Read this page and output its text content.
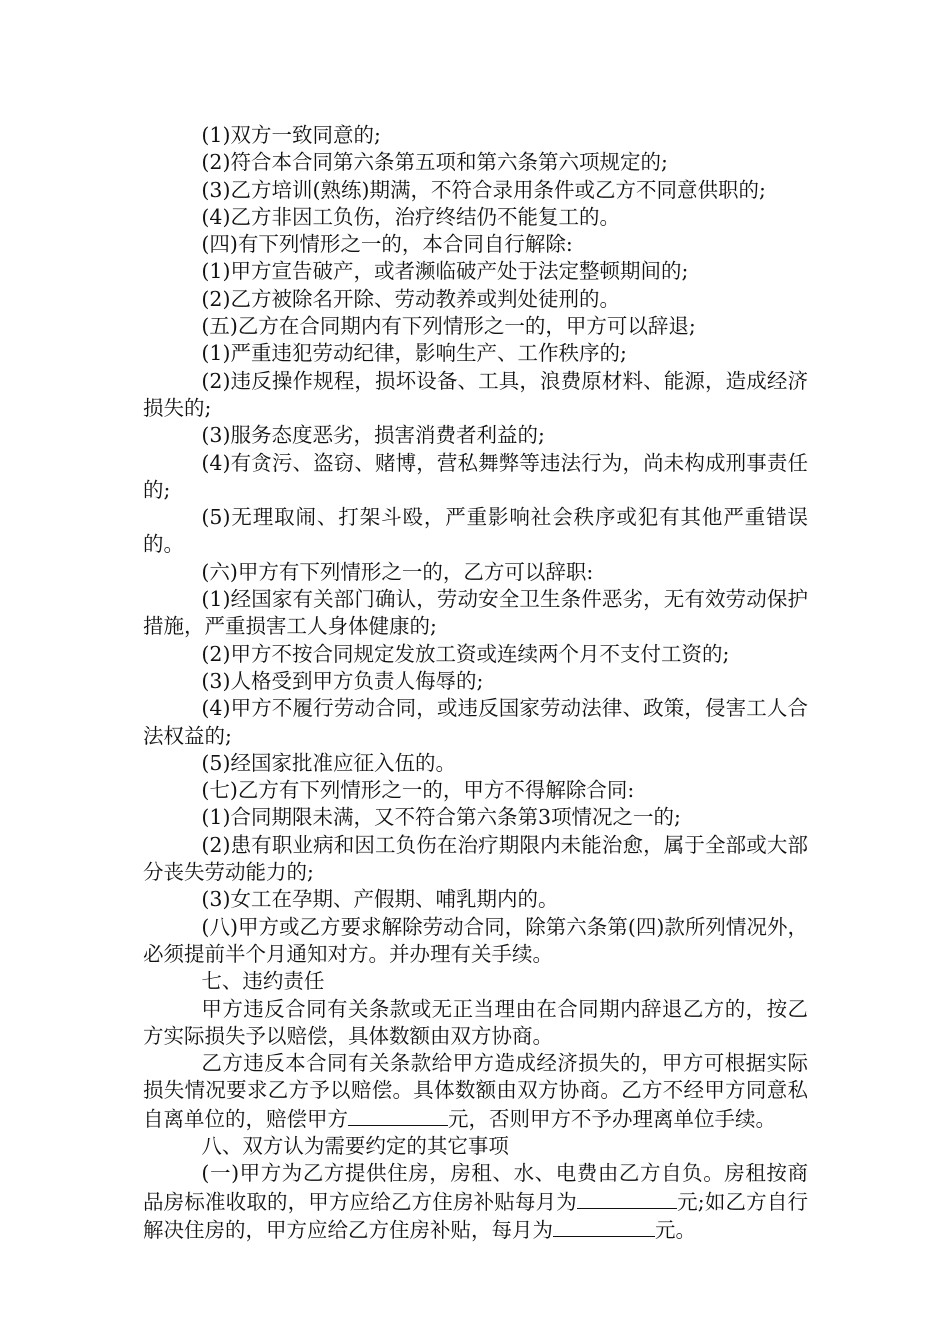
(1)双方一致同意的;

(2)符合本合同第六条第五项和第六条第六项规定的;

(3)乙方培训(熟练)期满，不符合录用条件或乙方不同意供职的;

(4)乙方非因工负伤，治疗终结仍不能复工的。

(四)有下列情形之一的，本合同自行解除:

(1)甲方宣告破产，或者濒临破产处于法定整顿期间的;

(2)乙方被除名开除、劳动教养或判处徒刑的。

(五)乙方在合同期内有下列情形之一的，甲方可以辞退;

(1)严重违犯劳动纪律，影响生产、工作秩序的;

(2)违反操作规程，损坏设备、工具，浪费原材料、能源，造成经济损失的;

(3)服务态度恶劣，损害消费者利益的;

(4)有贪污、盗窃、赌博，营私舞弊等违法行为，尚未构成刑事责任的;

(5)无理取闹、打架斗殴，严重影响社会秩序或犯有其他严重错误的。

(六)甲方有下列情形之一的，乙方可以辞职:

(1)经国家有关部门确认，劳动安全卫生条件恶劣，无有效劳动保护措施，严重损害工人身体健康的;

(2)甲方不按合同规定发放工资或连续两个月不支付工资的;

(3)人格受到甲方负责人侮辱的;

(4)甲方不履行劳动合同，或违反国家劳动法律、政策，侵害工人合法权益的;

(5)经国家批准应征入伍的。

(七)乙方有下列情形之一的，甲方不得解除合同:

(1)合同期限未满，又不符合第六条第3项情况之一的;

(2)患有职业病和因工负伤在治疗期限内未能治愈，属于全部或大部分丧失劳动能力的;

(3)女工在孕期、产假期、哺乳期内的。

(八)甲方或乙方要求解除劳动合同，除第六条第(四)款所列情况外，必须提前半个月通知对方。并办理有关手续。

七、违约责任

甲方违反合同有关条款或无正当理由在合同期内辞退乙方的，按乙方实际损失予以赔偿，具体数额由双方协商。

乙方违反本合同有关条款给甲方造成经济损失的，甲方可根据实际损失情况要求乙方予以赔偿。具体数额由双方协商。乙方不经甲方同意私自离单位的，赔偿甲方	元，否则甲方不予办理离单位手续。

八、双方认为需要约定的其它事项

(一)甲方为乙方提供住房，房租、水、电费由乙方自负。房租按商品房标准收取的，甲方应给乙方住房补贴每月为	元;如乙方自行解决住房的，甲方应给乙方住房补贴，每月为	元。
